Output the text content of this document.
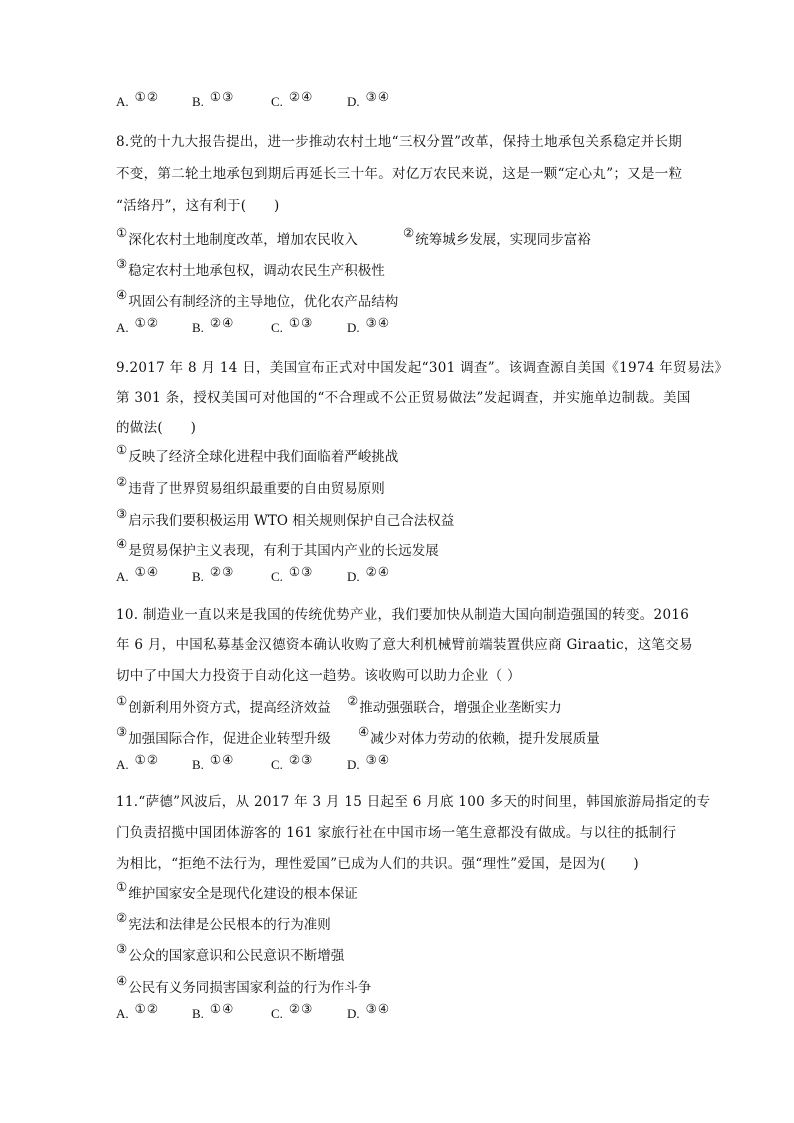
A. ①②	B. ①③	C. ②④	D. ③④
8.党的十九大报告提出，进一步推动农村土地“三权分置”改革，保持土地承包关系稳定并长期
不变，第二轮土地承包到期后再延长三十年。对亿万农民来说，这是一颗“定心丸”；又是一粒
“活络丹”，这有利于(　　)
①深化农村土地制度改革，增加农民收入	②统筹城乡发展，实现同步富裕
③稳定农村土地承包权，调动农民生产积极性
④巩固公有制经济的主导地位，优化农产品结构
A. ①②	B. ②④	C. ①③	D. ③④
9.2017 年 8 月 14 日，美国宣布正式对中国发起“301 调查”。该调查源自美国《1974 年贸易法》
第 301 条，授权美国可对他国的“不合理或不公正贸易做法”发起调查，并实施单边制裁。美国
的做法(　　)
①反映了经济全球化进程中我们面临着严峻挑战
②违背了世界贸易组织最重要的自由贸易原则
③启示我们要积极运用 WTO 相关规则保护自己合法权益
④是贸易保护主义表现，有利于其国内产业的长远发展
A. ①④	B. ②③	C. ①③	D. ②④
10. 制造业一直以来是我国的传统优势产业，我们要加快从制造大国向制造强国的转变。2016
年 6 月，中国私募基金汉德资本确认收购了意大利机械臂前端装置供应商 Giraatic，这笔交易
切中了中国大力投资于自动化这一趋势。该收购可以助力企业（ ）
①创新利用外资方式，提高经济效益 ②推动强强联合，增强企业垄断实力
③加强国际合作，促进企业转型升级 ④减少对体力劳动的依赖，提升发展质量
A. ①②	B. ①④	C. ②③	D. ③④
11.“萨德”风波后，从 2017 年 3 月 15 日起至 6 月底 100 多天的时间里，韩国旅游局指定的专
门负责招揽中国团体游客的 161 家旅行社在中国市场一笔生意都没有做成。与以往的抵制行
为相比，“拒绝不法行为，理性爱国”已成为人们的共识。强“理性”爱国，是因为(　　)
①维护国家安全是现代化建设的根本保证
②宪法和法律是公民根本的行为准则
③公众的国家意识和公民意识不断增强
④公民有义务同损害国家利益的行为作斗争
A. ①②	B. ①④	C. ②③	D. ③④
